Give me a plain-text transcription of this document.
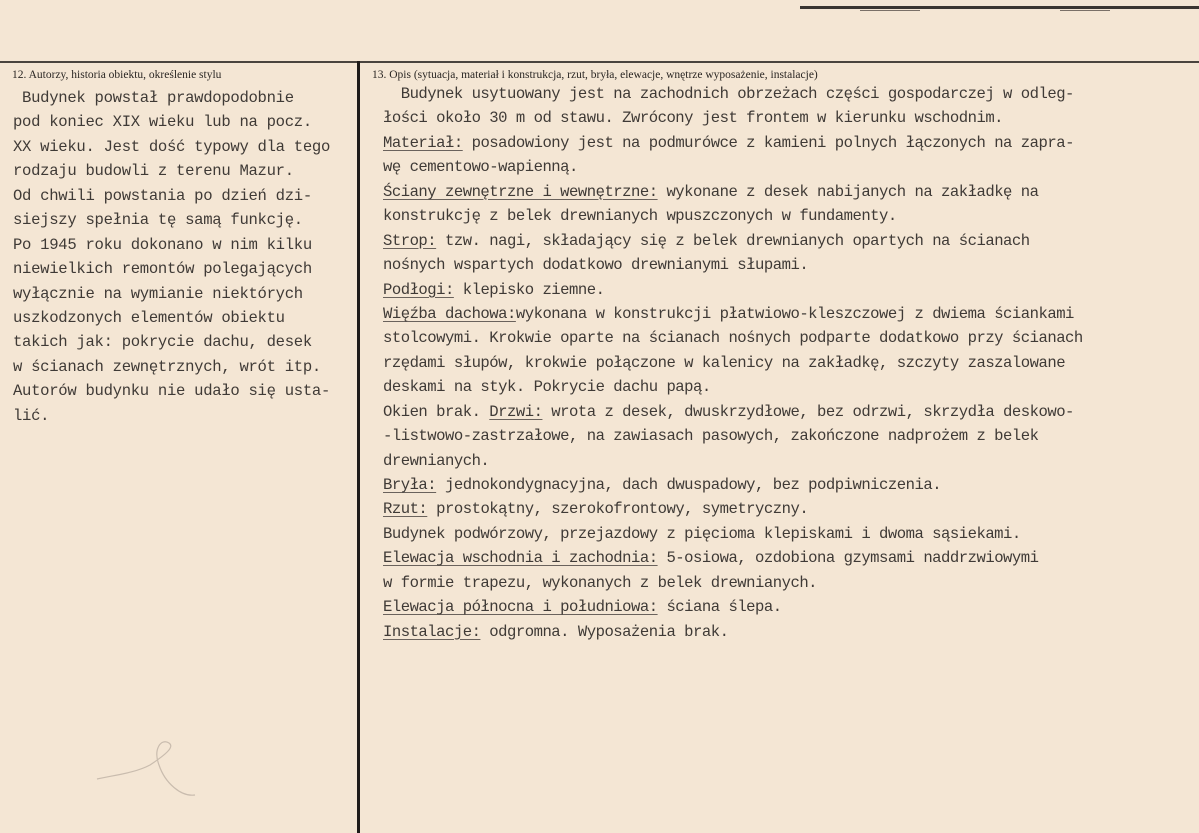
12. Autorzy, historia obiektu, określenie stylu	13. Opis (sytuacja, materiał i konstrukcja, rzut, bryła, elewacje, wnętrze wyposażenie, instalacje)
Budynek powstał prawdopodobnie
pod koniec XIX wieku lub na pocz.
XX wieku. Jest dość typowy dla tego
rodzaju budowli z terenu Mazur.
Od chwili powstania po dzień dzi-
siejszy spełnia tę samą funkcję.
Po 1945 roku dokonano w nim kilku
niewielkich remontów polegających
wyłącznie na wymianie niektórych
uszkodzonych elementów obiektu
takich jak: pokrycie dachu, desek
w ścianach zewnętrznych, wrót itp.
Autorów budynku nie udało się usta-
lić.
Budynek usytuowany jest na zachodnich obrzeżach części gospodarczej w odleg-
łości około 30 m od stawu. Zwrócony jest frontem w kierunku wschodnim.
Materiał: posadowiony jest na podmurówce z kamieni polnych łączonych na zapra-
wę cementowo-wapienną.
Ściany zewnętrzne i wewnętrzne: wykonane z desek nabijanych na zakładkę na
konstrukcję z belek drewnianych wpuszczonych w fundamenty.
Strop: tzw. nagi, składający się z belek drewnianych opartych na ścianach
nośnych wspartych dodatkowo drewnianymi słupami.
Podłogi: klepisko ziemne.
Więźba dachowa:wykonana w konstrukcji płatwiowo-kleszczowej z dwiema ściankami
stolcowymi. Krokwie oparte na ścianach nośnych podparte dodatkowo przy ścianach
rzędami słupów, krokwie połączone w kalenicy na zakładkę, szczyty zaszalowane
deskami na styk. Pokrycie dachu papą.
Okien brak. Drzwi: wrota z desek, dwuskrzydłowe, bez odrzwi, skrzydła deskowo-
-listwowo-zastrzałowe, na zawiasach pasowych, zakończone nadprożem z belek
drewnianych.
Bryła: jednokondygnacyjna, dach dwuspadowy, bez podpiwniczenia.
Rzut: prostokątny, szerokofrontowy, symetryczny.
Budynek podwórzowy, przejazdowy z pięcioma klepiskami i dwoma sąsiekami.
Elewacja wschodnia i zachodnia: 5-osiowa, ozdobiona gzymsami naddrzwiowymi
w formie trapezu, wykonanych z belek drewnianych.
Elewacja północna i południowa: ściana ślepa.
Instalacje: odgromna. Wyposażenia brak.
